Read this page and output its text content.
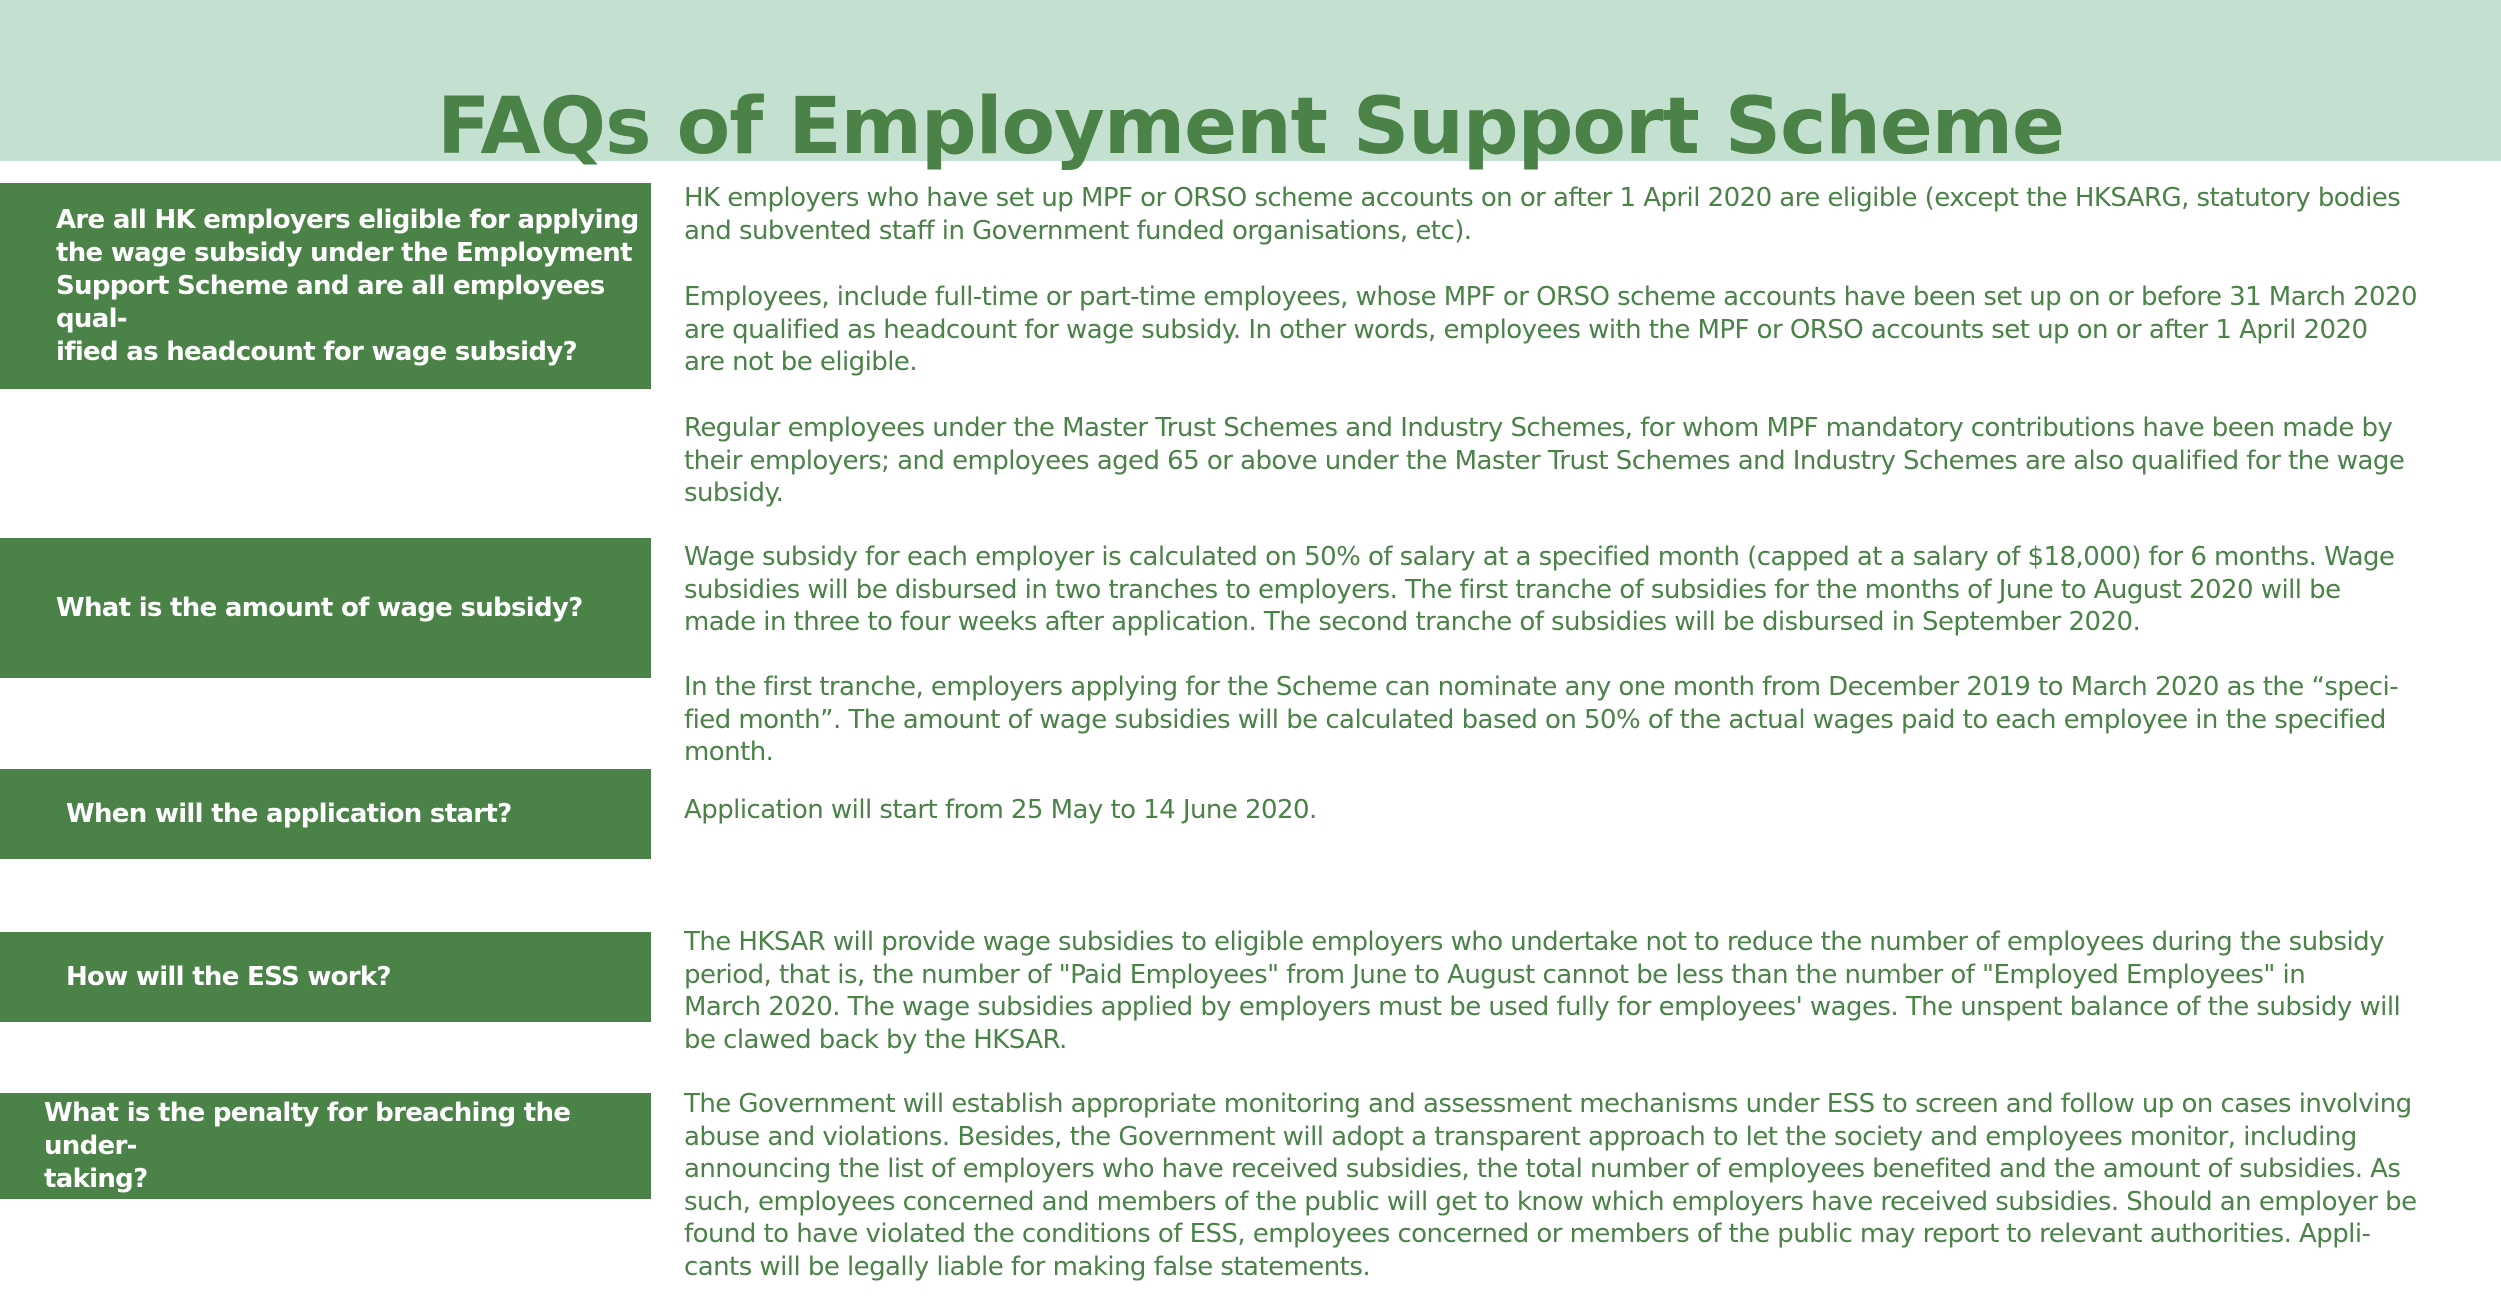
FAQs of Employment Support Scheme

Are all HK employers eligible for applying
the wage subsidy under the Employment
Support Scheme and are all employees qual-
ified as headcount for wage subsidy?

HK employers who have set up MPF or ORSO scheme accounts on or after 1 April 2020 are eligible (except the HKSARG, statutory bodies
and subvented staff in Government funded organisations, etc).

Employees, include full-time or part-time employees, whose MPF or ORSO scheme accounts have been set up on or before 31 March 2020
are qualified as headcount for wage subsidy. In other words, employees with the MPF or ORSO accounts set up on or after 1 April 2020
are not be eligible.

Regular employees under the Master Trust Schemes and Industry Schemes, for whom MPF mandatory contributions have been made by
their employers; and employees aged 65 or above under the Master Trust Schemes and Industry Schemes are also qualified for the wage
subsidy.

What is the amount of wage subsidy?

Wage subsidy for each employer is calculated on 50% of salary at a specified month (capped at a salary of $18,000) for 6 months. Wage
subsidies will be disbursed in two tranches to employers. The first tranche of subsidies for the months of June to August 2020 will be
made in three to four weeks after application. The second tranche of subsidies will be disbursed in September 2020.

In the first tranche, employers applying for the Scheme can nominate any one month from December 2019 to March 2020 as the “speci-
fied month”. The amount of wage subsidies will be calculated based on 50% of the actual wages paid to each employee in the specified
month.

When will the application start?	Application will start from 25 May to 14 June 2020.

How will the ESS work?

The HKSAR will provide wage subsidies to eligible employers who undertake not to reduce the number of employees during the subsidy
period, that is, the number of "Paid Employees" from June to August cannot be less than the number of "Employed Employees" in
March 2020. The wage subsidies applied by employers must be used fully for employees' wages. The unspent balance of the subsidy will
be clawed back by the HKSAR.

What is the penalty for breaching the under-
taking?

The Government will establish appropriate monitoring and assessment mechanisms under ESS to screen and follow up on cases involving
abuse and violations. Besides, the Government will adopt a transparent approach to let the society and employees monitor, including
announcing the list of employers who have received subsidies, the total number of employees benefited and the amount of subsidies. As
such, employees concerned and members of the public will get to know which employers have received subsidies. Should an employer be
found to have violated the conditions of ESS, employees concerned or members of the public may report to relevant authorities. Appli-
cants will be legally liable for making false statements.
